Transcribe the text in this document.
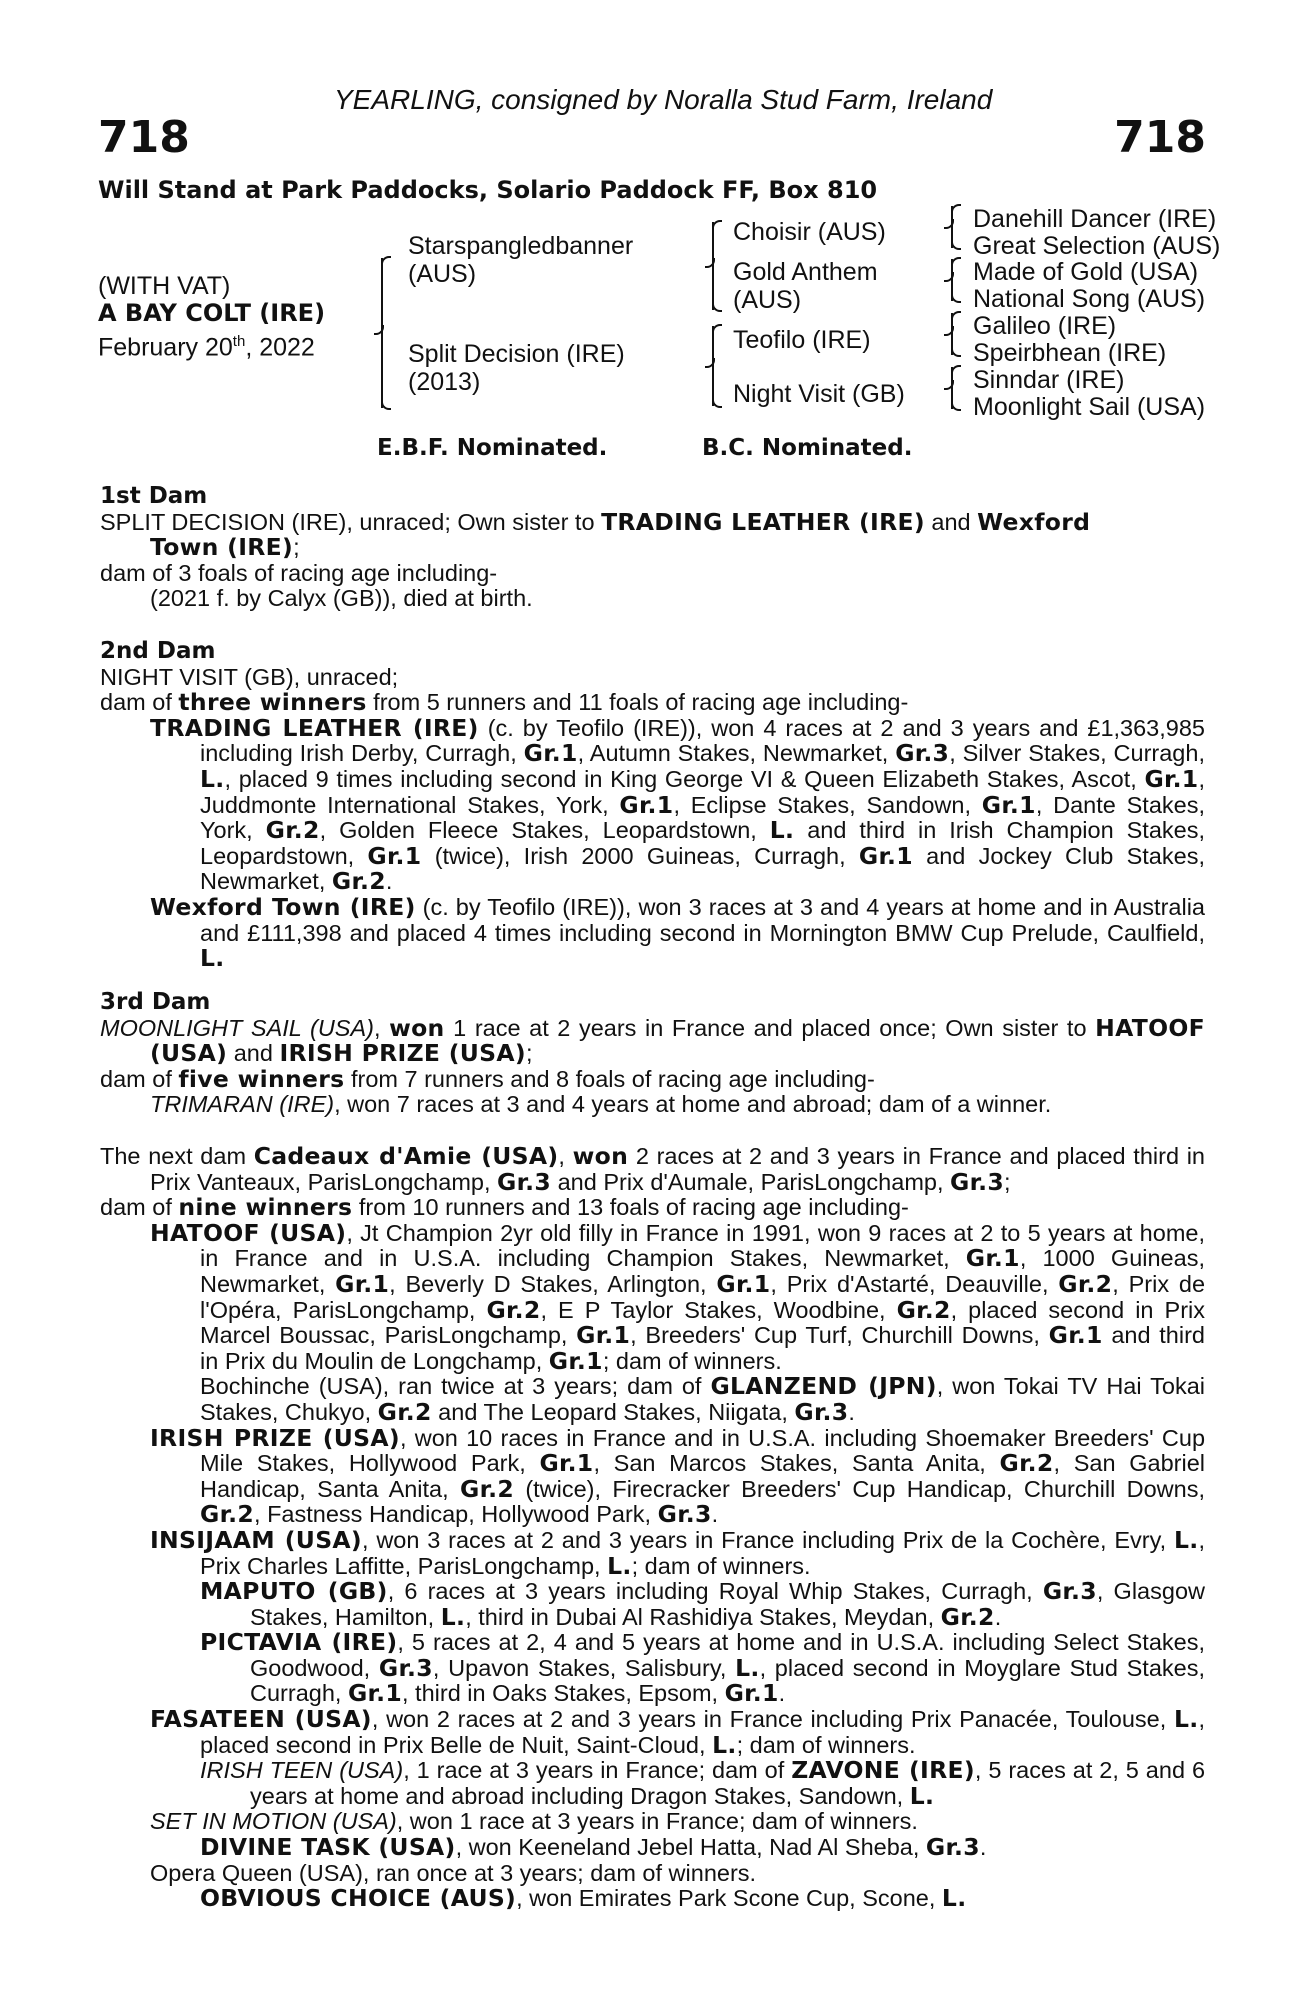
YEARLING, consigned by Noralla Stud Farm, Ireland
718	718
Will Stand at Park Paddocks, Solario Paddock FF, Box 810
(WITH VAT)
A BAY COLT (IRE)
February 20th, 2022
Starspangledbanner
(AUS)
Split Decision (IRE)
(2013)
Choisir (AUS)
Gold Anthem
(AUS)
Teofilo (IRE)
Night Visit (GB)
Danehill Dancer (IRE)
Great Selection (AUS)
Made of Gold (USA)
National Song (AUS)
Galileo (IRE)
Speirbhean (IRE)
Sinndar (IRE)
Moonlight Sail (USA)
E.B.F. Nominated.	B.C. Nominated.
1st Dam
SPLIT DECISION (IRE), unraced; Own sister to TRADING LEATHER (IRE) and Wexford
Town (IRE);
dam of 3 foals of racing age including-
(2021 f. by Calyx (GB)), died at birth.
2nd Dam
NIGHT VISIT (GB), unraced;
dam of three winners from 5 runners and 11 foals of racing age including-
TRADING LEATHER (IRE) (c. by Teofilo (IRE)), won 4 races at 2 and 3 years and £1,363,985 including Irish Derby, Curragh, Gr.1, Autumn Stakes, Newmarket, Gr.3, Silver Stakes, Curragh, L., placed 9 times including second in King George VI & Queen Elizabeth Stakes, Ascot, Gr.1, Juddmonte International Stakes, York, Gr.1, Eclipse Stakes, Sandown, Gr.1, Dante Stakes, York, Gr.2, Golden Fleece Stakes, Leopardstown, L. and third in Irish Champion Stakes, Leopardstown, Gr.1 (twice), Irish 2000 Guineas, Curragh, Gr.1 and Jockey Club Stakes, Newmarket, Gr.2.
Wexford Town (IRE) (c. by Teofilo (IRE)), won 3 races at 3 and 4 years at home and in Australia and £111,398 and placed 4 times including second in Mornington BMW Cup Prelude, Caulfield, L.
3rd Dam
MOONLIGHT SAIL (USA), won 1 race at 2 years in France and placed once; Own sister to HATOOF (USA) and IRISH PRIZE (USA);
dam of five winners from 7 runners and 8 foals of racing age including-
TRIMARAN (IRE), won 7 races at 3 and 4 years at home and abroad; dam of a winner.
The next dam Cadeaux d'Amie (USA), won 2 races at 2 and 3 years in France and placed third in Prix Vanteaux, ParisLongchamp, Gr.3 and Prix d'Aumale, ParisLongchamp, Gr.3;
dam of nine winners from 10 runners and 13 foals of racing age including-
HATOOF (USA), Jt Champion 2yr old filly in France in 1991, won 9 races at 2 to 5 years at home, in France and in U.S.A. including Champion Stakes, Newmarket, Gr.1, 1000 Guineas, Newmarket, Gr.1, Beverly D Stakes, Arlington, Gr.1, Prix d'Astarté, Deauville, Gr.2, Prix de l'Opéra, ParisLongchamp, Gr.2, E P Taylor Stakes, Woodbine, Gr.2, placed second in Prix Marcel Boussac, ParisLongchamp, Gr.1, Breeders' Cup Turf, Churchill Downs, Gr.1 and third in Prix du Moulin de Longchamp, Gr.1; dam of winners.
Bochinche (USA), ran twice at 3 years; dam of GLANZEND (JPN), won Tokai TV Hai Tokai Stakes, Chukyo, Gr.2 and The Leopard Stakes, Niigata, Gr.3.
IRISH PRIZE (USA), won 10 races in France and in U.S.A. including Shoemaker Breeders' Cup Mile Stakes, Hollywood Park, Gr.1, San Marcos Stakes, Santa Anita, Gr.2, San Gabriel Handicap, Santa Anita, Gr.2 (twice), Firecracker Breeders' Cup Handicap, Churchill Downs, Gr.2, Fastness Handicap, Hollywood Park, Gr.3.
INSIJAAM (USA), won 3 races at 2 and 3 years in France including Prix de la Cochère, Evry, L., Prix Charles Laffitte, ParisLongchamp, L.; dam of winners.
MAPUTO (GB), 6 races at 3 years including Royal Whip Stakes, Curragh, Gr.3, Glasgow Stakes, Hamilton, L., third in Dubai Al Rashidiya Stakes, Meydan, Gr.2.
PICTAVIA (IRE), 5 races at 2, 4 and 5 years at home and in U.S.A. including Select Stakes, Goodwood, Gr.3, Upavon Stakes, Salisbury, L., placed second in Moyglare Stud Stakes, Curragh, Gr.1, third in Oaks Stakes, Epsom, Gr.1.
FASATEEN (USA), won 2 races at 2 and 3 years in France including Prix Panacée, Toulouse, L., placed second in Prix Belle de Nuit, Saint-Cloud, L.; dam of winners.
IRISH TEEN (USA), 1 race at 3 years in France; dam of ZAVONE (IRE), 5 races at 2, 5 and 6 years at home and abroad including Dragon Stakes, Sandown, L.
SET IN MOTION (USA), won 1 race at 3 years in France; dam of winners.
DIVINE TASK (USA), won Keeneland Jebel Hatta, Nad Al Sheba, Gr.3.
Opera Queen (USA), ran once at 3 years; dam of winners.
OBVIOUS CHOICE (AUS), won Emirates Park Scone Cup, Scone, L.
